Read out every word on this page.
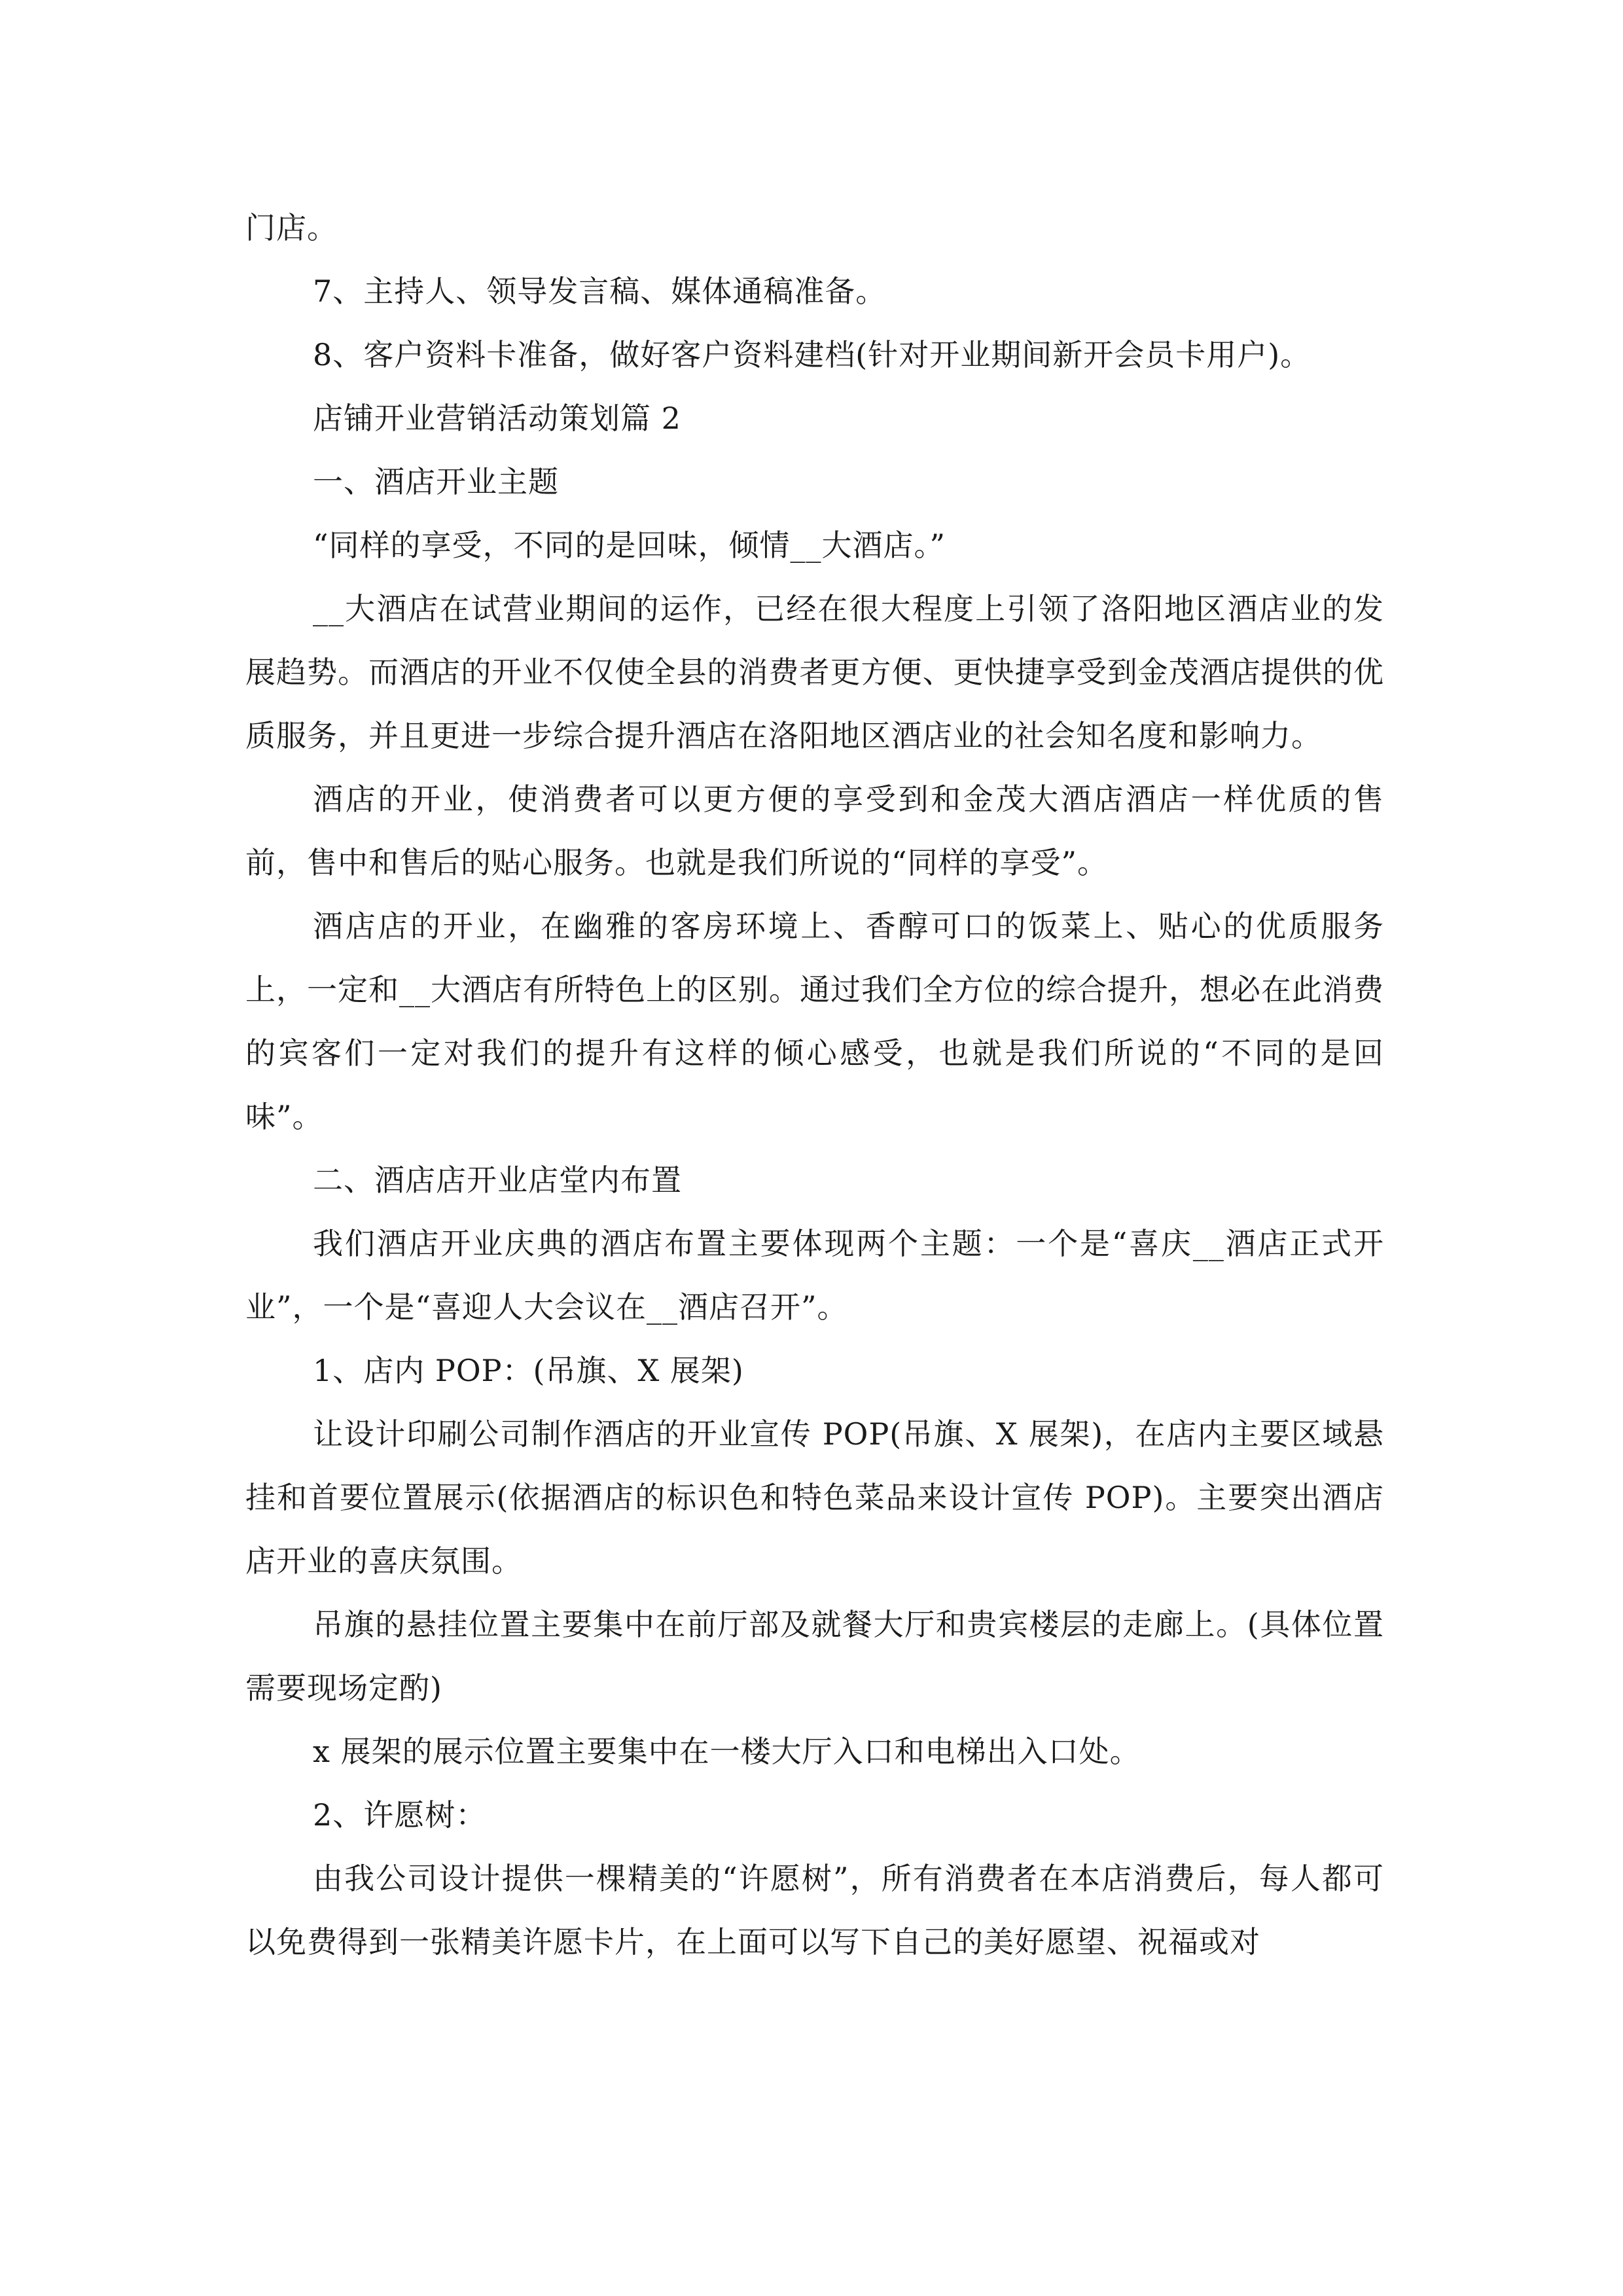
门店。

7、主持人、领导发言稿、媒体通稿准备。

8、客户资料卡准备，做好客户资料建档(针对开业期间新开会员卡用户)。

店铺开业营销活动策划篇 2

一、酒店开业主题

“同样的享受，不同的是回味，倾情__大酒店。”

__大酒店在试营业期间的运作，已经在很大程度上引领了洛阳地区酒店业的发展趋势。而酒店的开业不仅使全县的消费者更方便、更快捷享受到金茂酒店提供的优质服务，并且更进一步综合提升酒店在洛阳地区酒店业的社会知名度和影响力。

酒店的开业，使消费者可以更方便的享受到和金茂大酒店酒店一样优质的售前，售中和售后的贴心服务。也就是我们所说的“同样的享受”。

酒店店的开业，在幽雅的客房环境上、香醇可口的饭菜上、贴心的优质服务上，一定和__大酒店有所特色上的区别。通过我们全方位的综合提升，想必在此消费的宾客们一定对我们的提升有这样的倾心感受，也就是我们所说的“不同的是回味”。

二、酒店店开业店堂内布置

我们酒店开业庆典的酒店布置主要体现两个主题：一个是“喜庆__酒店正式开业”，一个是“喜迎人大会议在__酒店召开”。

1、店内 POP：(吊旗、X 展架)

让设计印刷公司制作酒店的开业宣传 POP(吊旗、X 展架)，在店内主要区域悬挂和首要位置展示(依据酒店的标识色和特色菜品来设计宣传 POP)。主要突出酒店店开业的喜庆氛围。

吊旗的悬挂位置主要集中在前厅部及就餐大厅和贵宾楼层的走廊上。(具体位置需要现场定酌)

x 展架的展示位置主要集中在一楼大厅入口和电梯出入口处。

2、许愿树：

由我公司设计提供一棵精美的“许愿树”，所有消费者在本店消费后，每人都可以免费得到一张精美许愿卡片，在上面可以写下自己的美好愿望、祝福或对
